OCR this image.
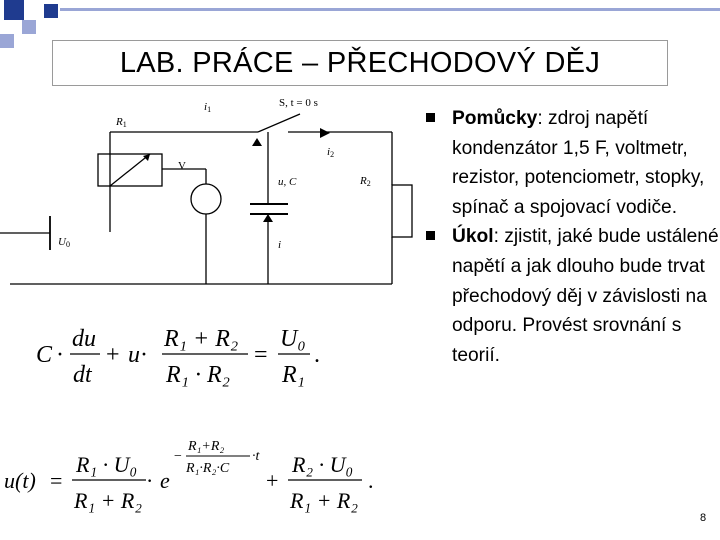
LAB. PRÁCE – PŘECHODOVÝ DĚJ
R1
i1
S, t = 0 s
i2
V
u, C	R2
U0	i
C ·
du
dt
+ u ·
R₁ + R₂
R₁ · R₂
=
U₀
R₁
.
u(t) =
R₁ · U₀
R₁ + R₂
· e
−
R₁+R₂
R₁·R₂·C
·t
+
R₂ · U₀
R₁ + R₂
.
Pomůcky: zdroj napětí kondenzátor 1,5 F, voltmetr, rezistor, potenciometr, stopky, spínač a spojovací vodiče.
Úkol: zjistit, jaké bude ustálené napětí a jak dlouho bude trvat přechodový děj v závislosti na odporu. Provést srovnání s teorií.
8
